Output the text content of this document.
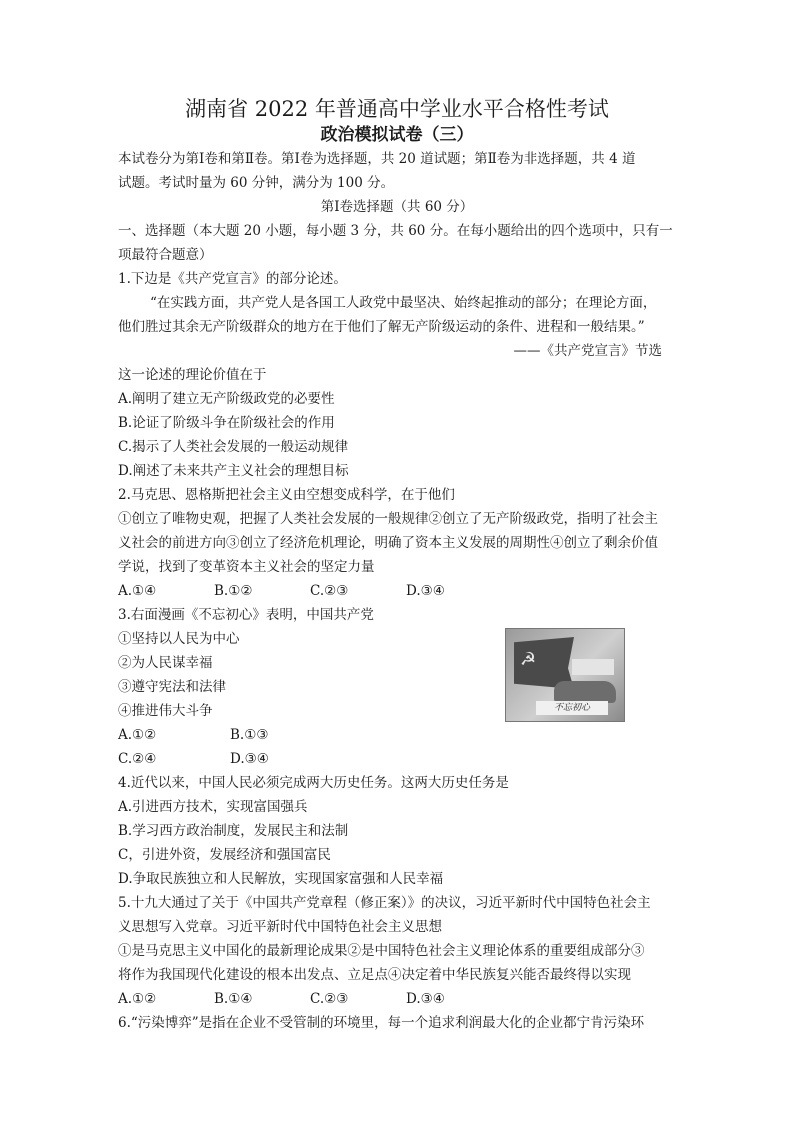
湖南省 2022 年普通高中学业水平合格性考试
政治模拟试卷（三）
本试卷分为第Ⅰ卷和第Ⅱ卷。第Ⅰ卷为选择题，共 20 道试题；第Ⅱ卷为非选择题，共 4 道
试题。考试时量为 60 分钟，满分为 100 分。
第Ⅰ卷选择题（共 60 分）
一、选择题（本大题 20 小题，每小题 3 分，共 60 分。在每小题给出的四个选项中，只有一
项最符合题意）
1.下边是《共产党宣言》的部分论述。
“在实践方面，共产党人是各国工人政党中最坚决、始终起推动的部分；在理论方面，
他们胜过其余无产阶级群众的地方在于他们了解无产阶级运动的条件、进程和一般结果。”
——《共产党宣言》节选
这一论述的理论价值在于
A.阐明了建立无产阶级政党的必要性
B.论证了阶级斗争在阶级社会的作用
C.揭示了人类社会发展的一般运动规律
D.阐述了未来共产主义社会的理想目标
2.马克思、恩格斯把社会主义由空想变成科学，在于他们
①创立了唯物史观，把握了人类社会发展的一般规律②创立了无产阶级政党，指明了社会主
义社会的前进方向③创立了经济危机理论，明确了资本主义发展的周期性④创立了剩余价值
学说，找到了变革资本主义社会的坚定力量
A.①④	B.①②	C.②③	D.③④
3.右面漫画《不忘初心》表明，中国共产党
①坚持以人民为中心
②为人民谋幸福
③遵守宪法和法律
④推进伟大斗争
A.①②	B.①③
C.②④	D.③④
☭
不忘初心
4.近代以来，中国人民必须完成两大历史任务。这两大历史任务是
A.引进西方技术，实现富国强兵
B.学习西方政治制度，发展民主和法制
C，引进外资，发展经济和强国富民
D.争取民族独立和人民解放，实现国家富强和人民幸福
5.十九大通过了关于《中国共产党章程（修正案）》的决议，习近平新时代中国特色社会主
义思想写入党章。习近平新时代中国特色社会主义思想
①是马克思主义中国化的最新理论成果②是中国特色社会主义理论体系的重要组成部分③
将作为我国现代化建设的根本出发点、立足点④决定着中华民族复兴能否最终得以实现
A.①②	B.①④	C.②③	D.③④
6.“污染博弈”是指在企业不受管制的环境里，每一个追求利润最大化的企业都宁肯污染环
